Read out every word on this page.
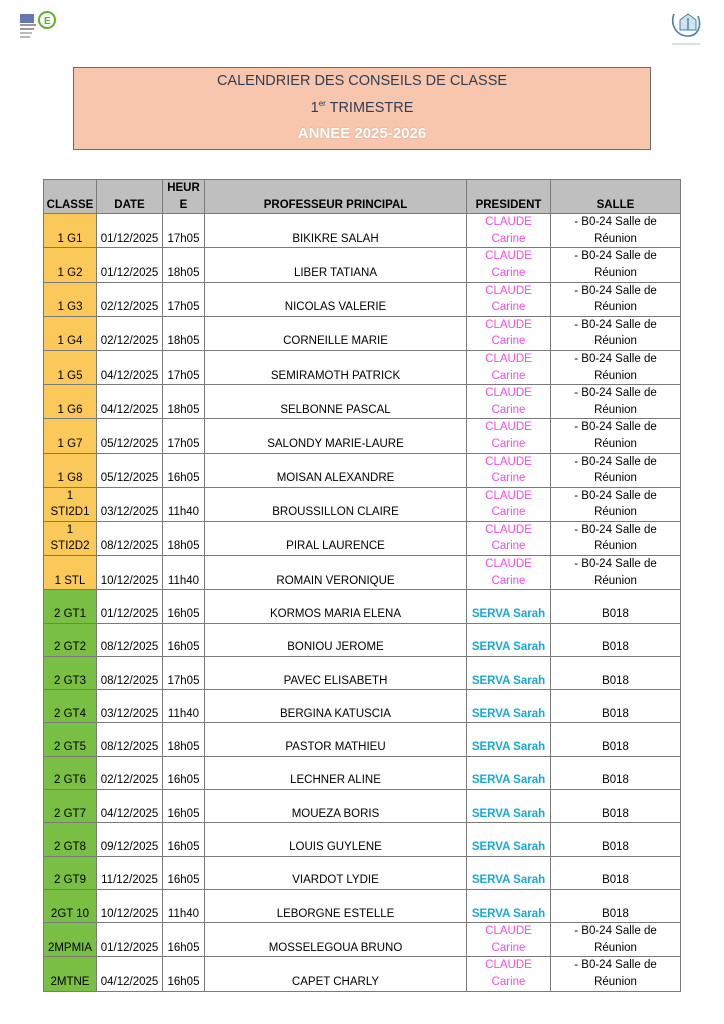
E
CALENDRIER DES CONSEILS DE CLASSE
1er TRIMESTRE
ANNEE 2025-2026
CLASSE	DATE	HEURE	PROFESSEUR PRINCIPAL	PRESIDENT	SALLE
1 G1	01/12/2025	17h05	BIKIKRE SALAH	CLAUDE Carine	- B0-24 Salle de Réunion
1 G2	01/12/2025	18h05	LIBER TATIANA	CLAUDE Carine	- B0-24 Salle de Réunion
1 G3	02/12/2025	17h05	NICOLAS VALERIE	CLAUDE Carine	- B0-24 Salle de Réunion
1 G4	02/12/2025	18h05	CORNEILLE MARIE	CLAUDE Carine	- B0-24 Salle de Réunion
1 G5	04/12/2025	17h05	SEMIRAMOTH PATRICK	CLAUDE Carine	- B0-24 Salle de Réunion
1 G6	04/12/2025	18h05	SELBONNE PASCAL	CLAUDE Carine	- B0-24 Salle de Réunion
1 G7	05/12/2025	17h05	SALONDY MARIE-LAURE	CLAUDE Carine	- B0-24 Salle de Réunion
1 G8	05/12/2025	16h05	MOISAN ALEXANDRE	CLAUDE Carine	- B0-24 Salle de Réunion
1 STI2D1	03/12/2025	11h40	BROUSSILLON CLAIRE	CLAUDE Carine	- B0-24 Salle de Réunion
1 STI2D2	08/12/2025	18h05	PIRAL LAURENCE	CLAUDE Carine	- B0-24 Salle de Réunion
1 STL	10/12/2025	11h40	ROMAIN VERONIQUE	CLAUDE Carine	- B0-24 Salle de Réunion
2 GT1	01/12/2025	16h05	KORMOS MARIA ELENA	SERVA Sarah	B018
2 GT2	08/12/2025	16h05	BONIOU JEROME	SERVA Sarah	B018
2 GT3	08/12/2025	17h05	PAVEC ELISABETH	SERVA Sarah	B018
2 GT4	03/12/2025	11h40	BERGINA KATUSCIA	SERVA Sarah	B018
2 GT5	08/12/2025	18h05	PASTOR MATHIEU	SERVA Sarah	B018
2 GT6	02/12/2025	16h05	LECHNER ALINE	SERVA Sarah	B018
2 GT7	04/12/2025	16h05	MOUEZA BORIS	SERVA Sarah	B018
2 GT8	09/12/2025	16h05	LOUIS GUYLENE	SERVA Sarah	B018
2 GT9	11/12/2025	16h05	VIARDOT LYDIE	SERVA Sarah	B018
2GT 10	10/12/2025	11h40	LEBORGNE ESTELLE	SERVA Sarah	B018
2MPMIA	01/12/2025	16h05	MOSSELEGOUA BRUNO	CLAUDE Carine	- B0-24 Salle de Réunion
2MTNE	04/12/2025	16h05	CAPET CHARLY	CLAUDE Carine	- B0-24 Salle de Réunion
